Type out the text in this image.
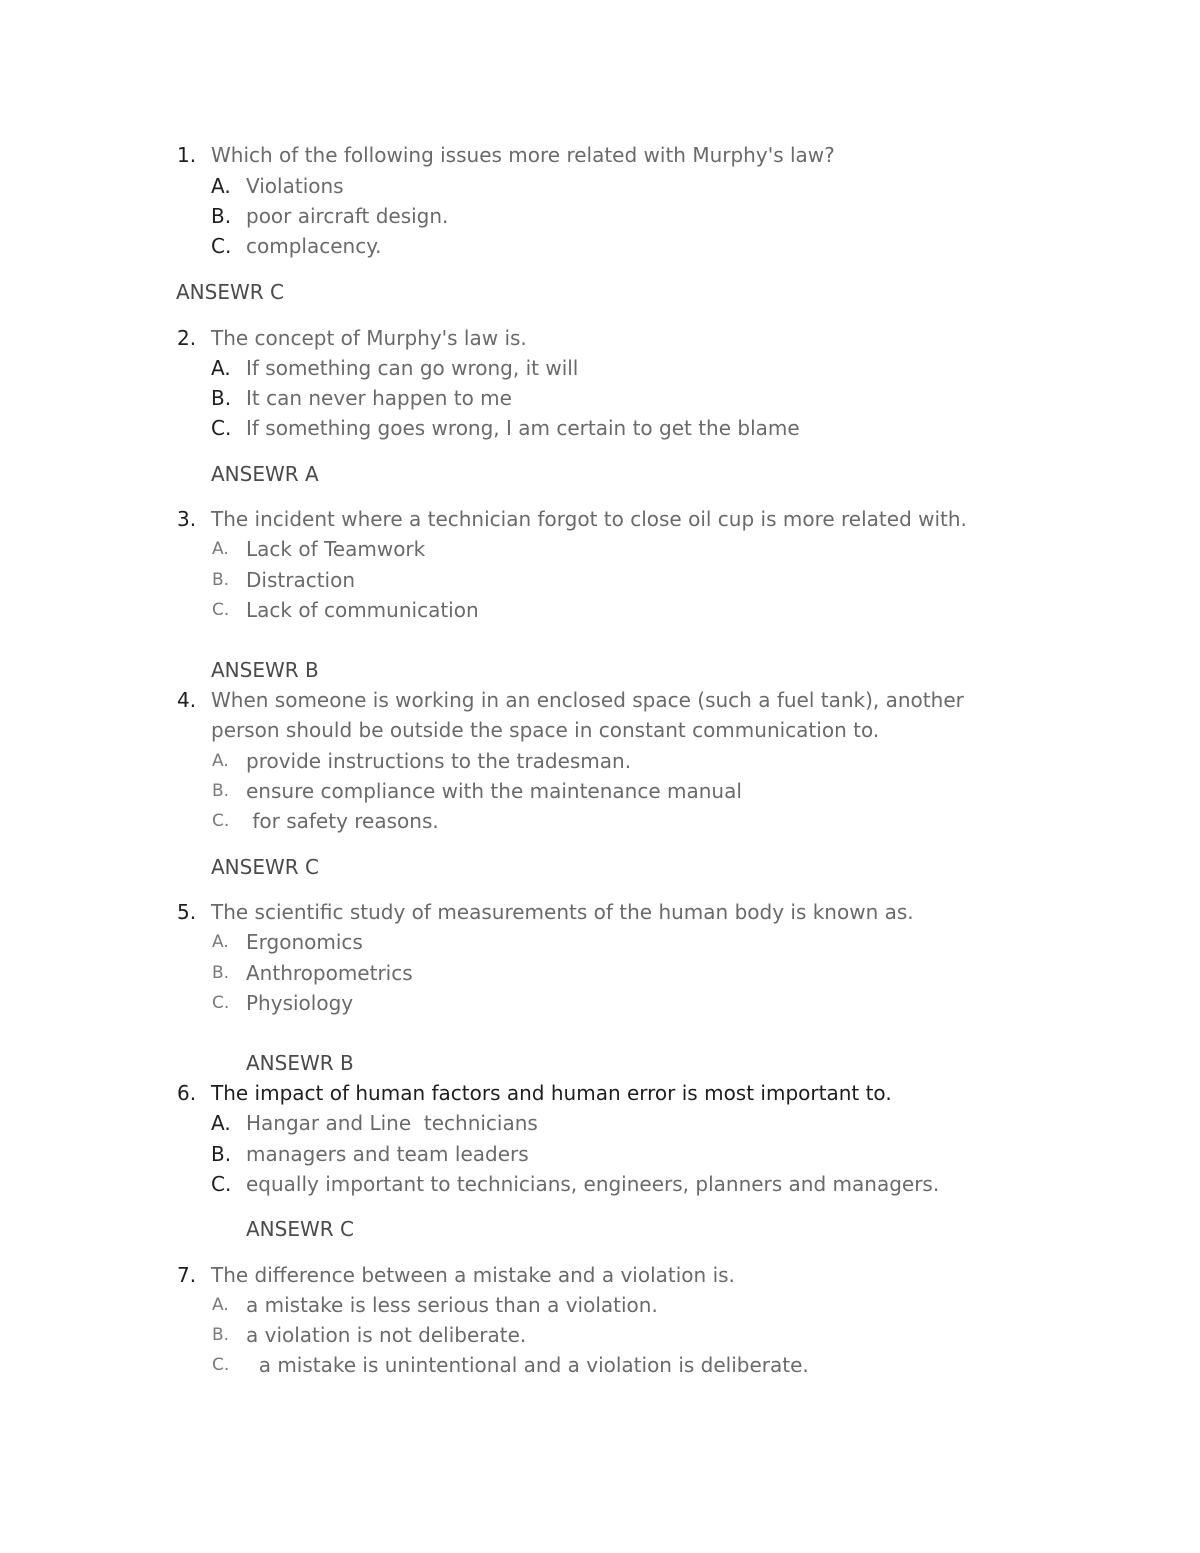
1. Which of the following issues more related with Murphy's law?
A. Violations
B. poor aircraft design.
C. complacency.
ANSEWR C
2. The concept of Murphy's law is.
A. If something can go wrong, it will
B. It can never happen to me
C. If something goes wrong, I am certain to get the blame
ANSEWR A
3. The incident where a technician forgot to close oil cup is more related with.
A. Lack of Teamwork
B. Distraction
C. Lack of communication
ANSEWR B
4. When someone is working in an enclosed space (such a fuel tank), another
person should be outside the space in constant communication to.
A. provide instructions to the tradesman.
B. ensure compliance with the maintenance manual
C. for safety reasons.
ANSEWR C
5. The scientific study of measurements of the human body is known as.
A. Ergonomics
B. Anthropometrics
C. Physiology
ANSEWR B
6. The impact of human factors and human error is most important to.
A. Hangar and Line  technicians
B. managers and team leaders
C. equally important to technicians, engineers, planners and managers.
ANSEWR C
7. The difference between a mistake and a violation is.
A. a mistake is less serious than a violation.
B. a violation is not deliberate.
C. a mistake is unintentional and a violation is deliberate.
